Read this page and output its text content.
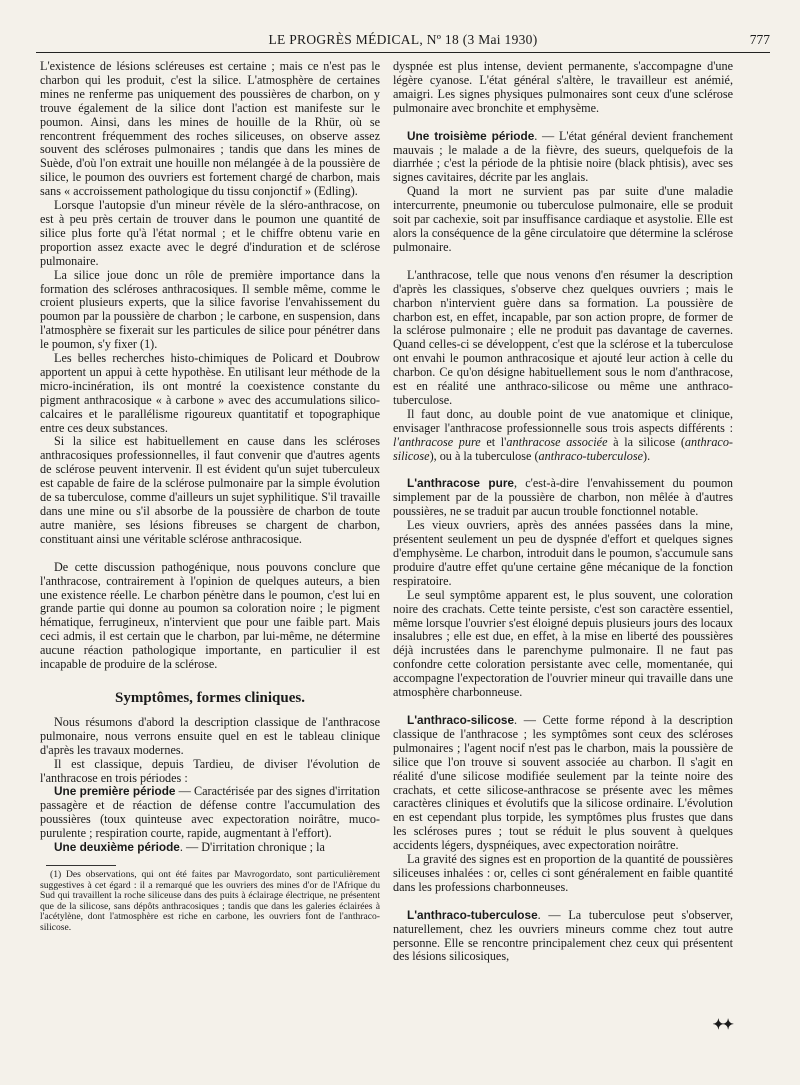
LE PROGRÈS MÉDICAL, Nº 18 (3 Mai 1930)	777

L'existence de lésions scléreuses est certaine ; mais ce n'est pas le charbon qui les produit, c'est la silice. L'atmosphère de certaines mines ne renferme pas uniquement des poussières de charbon, on y trouve également de la silice dont l'action est manifeste sur le poumon. Ainsi, dans les mines de houille de la Rhür, où se rencontrent fréquemment des roches siliceuses, on observe assez souvent des scléroses pulmonaires ; tandis que dans les mines de Suède, d'où l'on extrait une houille non mélangée à de la poussière de silice, le poumon des ouvriers est fortement chargé de charbon, mais sans « accroissement pathologique du tissu conjonctif » (Edling).

Lorsque l'autopsie d'un mineur révèle de la sléro-anthracose, on est à peu près certain de trouver dans le poumon une quantité de silice plus forte qu'à l'état normal ; et le chiffre obtenu varie en proportion assez exacte avec le degré d'induration et de sclérose pulmonaire.

La silice joue donc un rôle de première importance dans la formation des scléroses anthracosiques. Il semble même, comme le croient plusieurs experts, que la silice favorise l'envahissement du poumon par la poussière de charbon ; le carbone, en suspension, dans l'atmosphère se fixerait sur les particules de silice pour pénétrer dans le poumon, s'y fixer (1).

Les belles recherches histo-chimiques de Policard et Doubrow apportent un appui à cette hypothèse. En utilisant leur méthode de la micro-incinération, ils ont montré la coexistence constante du pigment anthracosique « à carbone » avec des accumulations silico-calcaires et le parallélisme rigoureux quantitatif et topographique entre ces deux substances.

Si la silice est habituellement en cause dans les scléroses anthracosiques professionnelles, il faut convenir que d'autres agents de sclérose peuvent intervenir. Il est évident qu'un sujet tuberculeux est capable de faire de la sclérose pulmonaire par la simple évolution de sa tuberculose, comme d'ailleurs un sujet syphilitique. S'il travaille dans une mine ou s'il absorbe de la poussière de charbon de toute autre manière, ses lésions fibreuses se chargent de charbon, constituant ainsi une véritable sclérose anthracosique.

De cette discussion pathogénique, nous pouvons conclure que l'anthracose, contrairement à l'opinion de quelques auteurs, a bien une existence réelle. Le charbon pénètre dans le poumon, c'est lui en grande partie qui donne au poumon sa coloration noire ; le pigment hématique, ferrugineux, n'intervient que pour une faible part. Mais ceci admis, il est certain que le charbon, par lui-même, ne détermine aucune réaction pathologique importante, en particulier il est incapable de produire de la sclérose.

Symptômes, formes cliniques.

Nous résumons d'abord la description classique de l'anthracose pulmonaire, nous verrons ensuite quel en est le tableau clinique d'après les travaux modernes.

Il est classique, depuis Tardieu, de diviser l'évolution de l'anthracose en trois périodes :

Une première période — Caractérisée par des signes d'irritation passagère et de réaction de défense contre l'accumulation des poussières (toux quinteuse avec expectoration noirâtre, muco-purulente ; respiration courte, rapide, augmentant à l'effort).

Une deuxième période. — D'irritation chronique ; la

(1) Des observations, qui ont été faites par Mavrogordato, sont particulièrement suggestives à cet égard : il a remarqué que les ouvriers des mines d'or de l'Afrique du Sud qui travaillent la roche siliceuse dans des puits à éclairage électrique, ne présentent que de la silicose, sans dépôts anthracosiques ; tandis que dans les galeries éclairées à l'acétylène, dont l'atmosphère est riche en carbone, les ouvriers font de l'anthraco-silicose.

dyspnée est plus intense, devient permanente, s'accompagne d'une légère cyanose. L'état général s'altère, le travailleur est anémié, amaigri. Les signes physiques pulmonaires sont ceux d'une sclérose pulmonaire avec bronchite et emphysème.

Une troisième période. — L'état général devient franchement mauvais ; le malade a de la fièvre, des sueurs, quelquefois de la diarrhée ; c'est la période de la phtisie noire (black phtisis), avec ses signes cavitaires, décrite par les anglais.

Quand la mort ne survient pas par suite d'une maladie intercurrente, pneumonie ou tuberculose pulmonaire, elle se produit soit par cachexie, soit par insuffisance cardiaque et asystolie. Elle est alors la conséquence de la gêne circulatoire que détermine la sclérose pulmonaire.

L'anthracose, telle que nous venons d'en résumer la description d'après les classiques, s'observe chez quelques ouvriers ; mais le charbon n'intervient guère dans sa formation. La poussière de charbon est, en effet, incapable, par son action propre, de former de la sclérose pulmonaire ; elle ne produit pas davantage de cavernes. Quand celles-ci se développent, c'est que la sclérose et la tuberculose ont envahi le poumon anthracosique et ajouté leur action à celle du charbon. Ce qu'on désigne habituellement sous le nom d'anthracose, est en réalité une anthraco-silicose ou même une anthraco-tuberculose.

Il faut donc, au double point de vue anatomique et clinique, envisager l'anthracose professionnelle sous trois aspects différents : l'anthracose pure et l'anthracose associée à la silicose (anthraco-silicose), ou à la tuberculose (anthraco-tuberculose).

L'anthracose pure, c'est-à-dire l'envahissement du poumon simplement par de la poussière de charbon, non mêlée à d'autres poussières, ne se traduit par aucun trouble fonctionnel notable.

Les vieux ouvriers, après des années passées dans la mine, présentent seulement un peu de dyspnée d'effort et quelques signes d'emphysème. Le charbon, introduit dans le poumon, s'accumule sans produire d'autre effet qu'une certaine gêne mécanique de la fonction respiratoire.

Le seul symptôme apparent est, le plus souvent, une coloration noire des crachats. Cette teinte persiste, c'est son caractère essentiel, même lorsque l'ouvrier s'est éloigné depuis plusieurs jours des locaux insalubres ; elle est due, en effet, à la mise en liberté des poussières déjà incrustées dans le parenchyme pulmonaire. Il ne faut pas confondre cette coloration persistante avec celle, momentanée, qui accompagne l'expectoration de l'ouvrier mineur qui travaille dans une atmosphère charbonneuse.

L'anthraco-silicose. — Cette forme répond à la description classique de l'anthracose ; les symptômes sont ceux des scléroses pulmonaires ; l'agent nocif n'est pas le charbon, mais la poussière de silice que l'on trouve si souvent associée au charbon. Il s'agit en réalité d'une silicose modifiée seulement par la teinte noire des crachats, et cette silicose-anthracose se présente avec les mêmes caractères cliniques et évolutifs que la silicose ordinaire. L'évolution en est cependant plus torpide, les symptômes plus frustes que dans les scléroses pures ; tout se réduit le plus souvent à quelques accidents légers, dyspnéiques, avec expectoration noirâtre.

La gravité des signes est en proportion de la quantité de poussières siliceuses inhalées : or, celles ci sont généralement en faible quantité dans les professions charbonneuses.

L'anthraco-tuberculose. — La tuberculose peut s'observer, naturellement, chez les ouvriers mineurs comme chez tout autre personne. Elle se rencontre principalement chez ceux qui présentent des lésions silicosiques,

✦✦
